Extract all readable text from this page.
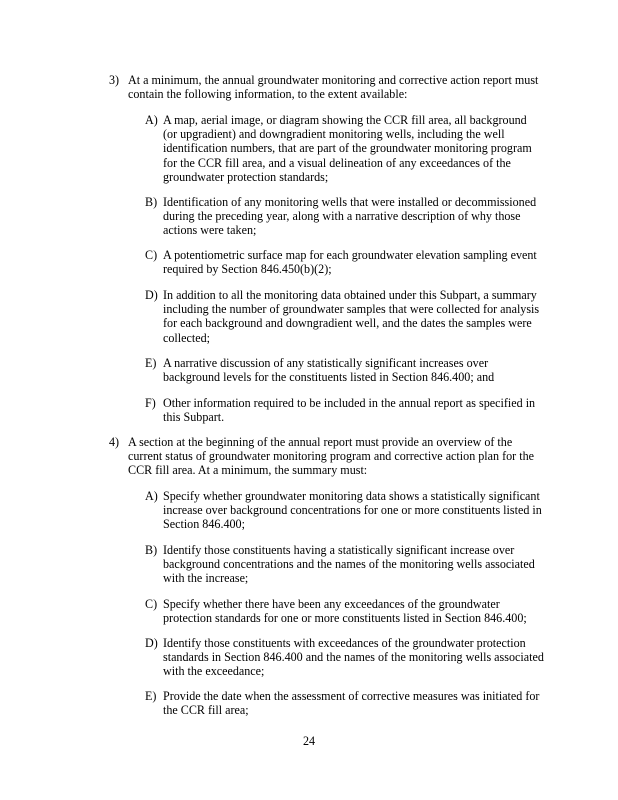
3) At a minimum, the annual groundwater monitoring and corrective action report must
contain the following information, to the extent available:
A) A map, aerial image, or diagram showing the CCR fill area, all background
(or upgradient) and downgradient monitoring wells, including the well
identification numbers, that are part of the groundwater monitoring program
for the CCR fill area, and a visual delineation of any exceedances of the
groundwater protection standards;
B) Identification of any monitoring wells that were installed or decommissioned
during the preceding year, along with a narrative description of why those
actions were taken;
C) A potentiometric surface map for each groundwater elevation sampling event
required by Section 846.450(b)(2);
D) In addition to all the monitoring data obtained under this Subpart, a summary
including the number of groundwater samples that were collected for analysis
for each background and downgradient well, and the dates the samples were
collected;
E) A narrative discussion of any statistically significant increases over
background levels for the constituents listed in Section 846.400; and
F) Other information required to be included in the annual report as specified in
this Subpart.
4) A section at the beginning of the annual report must provide an overview of the
current status of groundwater monitoring program and corrective action plan for the
CCR fill area. At a minimum, the summary must:
A) Specify whether groundwater monitoring data shows a statistically significant
increase over background concentrations for one or more constituents listed in
Section 846.400;
B) Identify those constituents having a statistically significant increase over
background concentrations and the names of the monitoring wells associated
with the increase;
C) Specify whether there have been any exceedances of the groundwater
protection standards for one or more constituents listed in Section 846.400;
D) Identify those constituents with exceedances of the groundwater protection
standards in Section 846.400 and the names of the monitoring wells associated
with the exceedance;
E) Provide the date when the assessment of corrective measures was initiated for
the CCR fill area;
24
